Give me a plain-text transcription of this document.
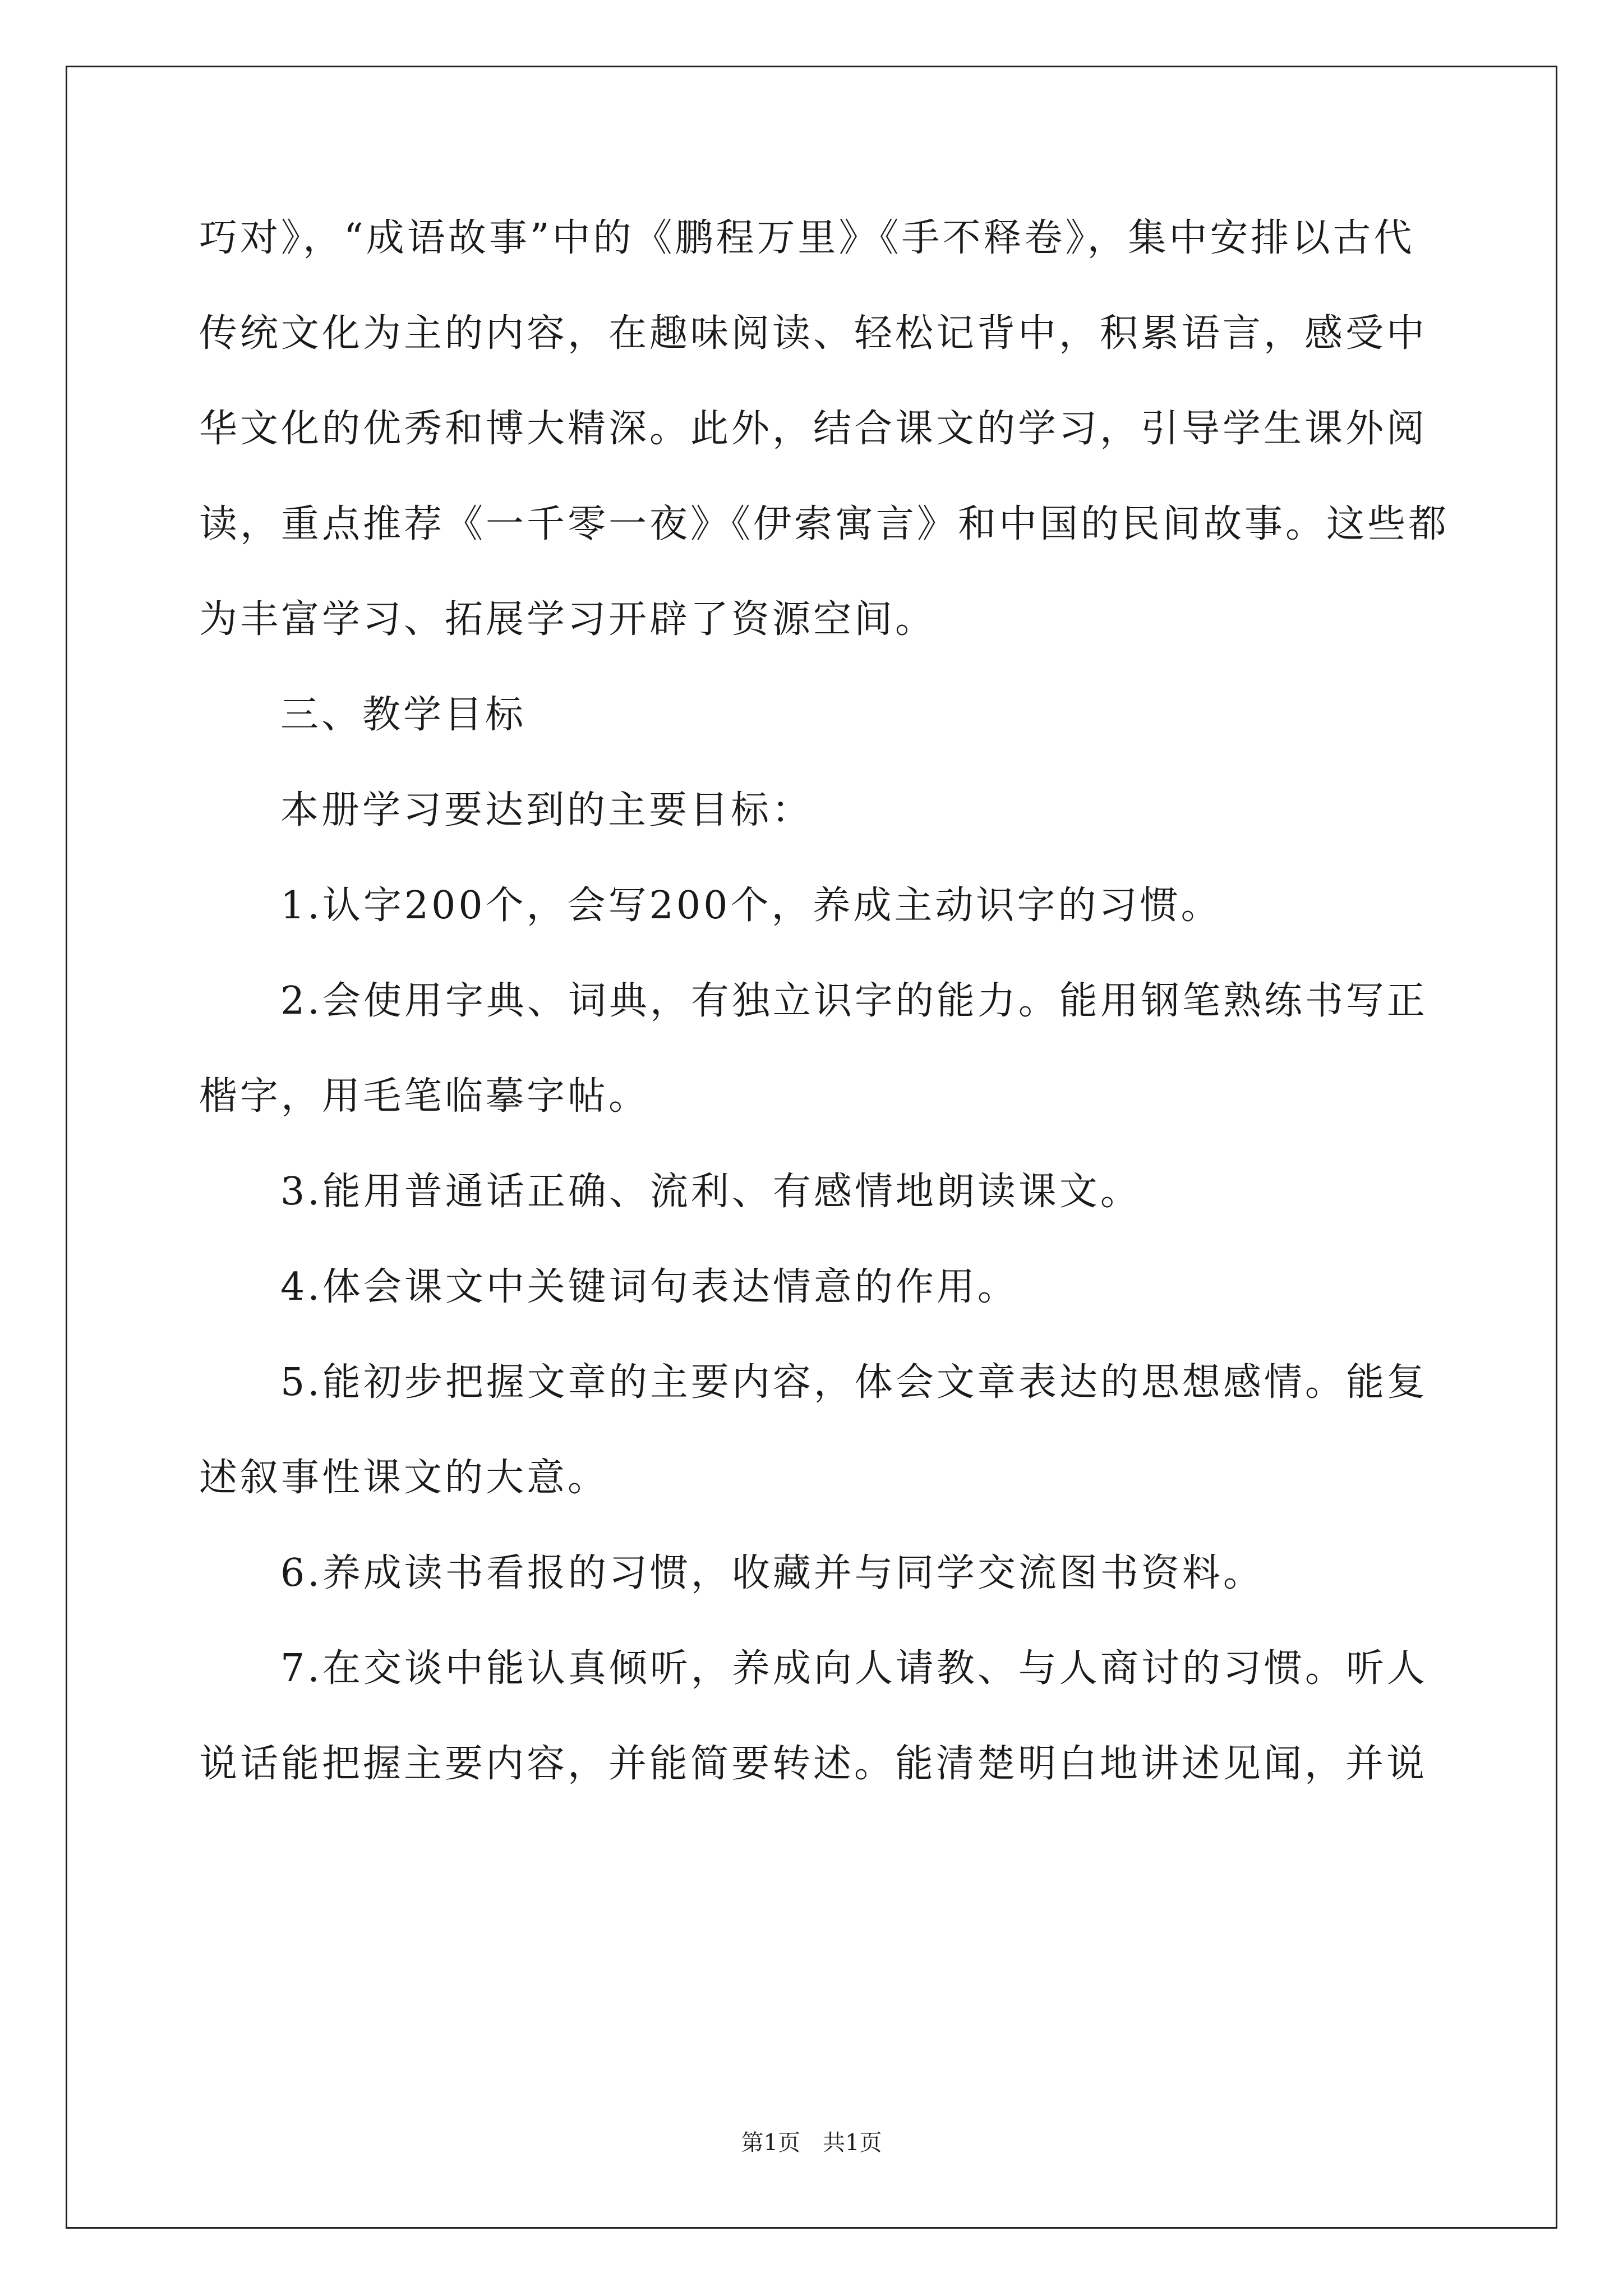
巧对》，“成语故事”中的《鹏程万里》《手不释卷》，集中安排以古代
传统文化为主的内容，在趣味阅读、轻松记背中，积累语言，感受中
华文化的优秀和博大精深。此外，结合课文的学习，引导学生课外阅
读，重点推荐《一千零一夜》《伊索寓言》和中国的民间故事。这些都
为丰富学习、拓展学习开辟了资源空间。
三、教学目标
本册学习要达到的主要目标：
1.认字200个，会写200个，养成主动识字的习惯。
2.会使用字典、词典，有独立识字的能力。能用钢笔熟练书写正
楷字，用毛笔临摹字帖。
3.能用普通话正确、流利、有感情地朗读课文。
4.体会课文中关键词句表达情意的作用。
5.能初步把握文章的主要内容，体会文章表达的思想感情。能复
述叙事性课文的大意。
6.养成读书看报的习惯，收藏并与同学交流图书资料。
7.在交谈中能认真倾听，养成向人请教、与人商讨的习惯。听人
说话能把握主要内容，并能简要转述。能清楚明白地讲述见闻，并说
第1页 共1页
